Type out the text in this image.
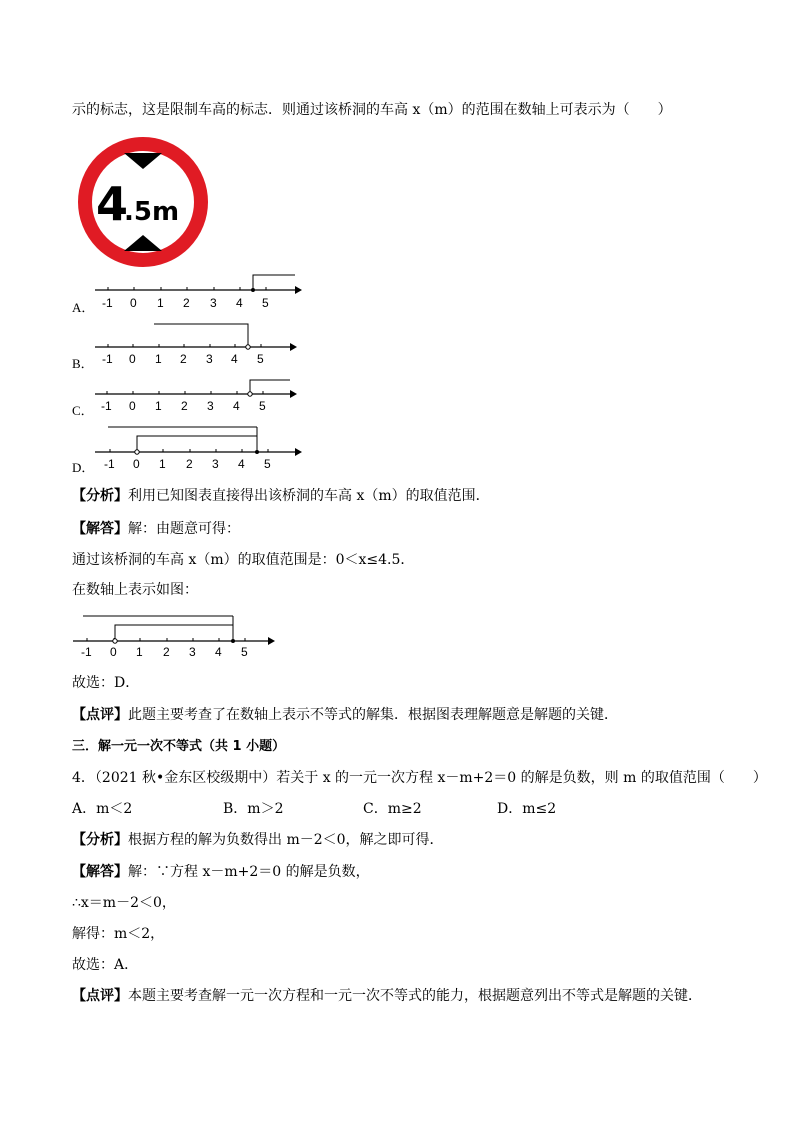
示的标志，这是限制车高的标志．则通过该桥洞的车高 x（m）的范围在数轴上可表示为（　　）
4
.5m
A． -1 0 1 2 3 4 5
B． -1 0 1 2 3 4 5
C． -1 0 1 2 3 4 5
D． -1 0 1 2 3 4 5
【分析】利用已知图表直接得出该桥洞的车高 x（m）的取值范围．
【解答】解：由题意可得：
通过该桥洞的车高 x（m）的取值范围是：0＜x≤4.5．
在数轴上表示如图：
-1 0 1 2 3 4 5
故选：D．
【点评】此题主要考查了在数轴上表示不等式的解集．根据图表理解题意是解题的关键．
三．解一元一次不等式（共 1 小题）
4．（2021 秋•金东区校级期中）若关于 x 的一元一次方程 x－m+2＝0 的解是负数，则 m 的取值范围（　　）
A．m＜2	B．m＞2	C．m≥2	D．m≤2
【分析】根据方程的解为负数得出 m－2＜0，解之即可得．
【解答】解：∵方程 x－m+2＝0 的解是负数，
∴x＝m－2＜0，
解得：m＜2，
故选：A．
【点评】本题主要考查解一元一次方程和一元一次不等式的能力，根据题意列出不等式是解题的关键．
